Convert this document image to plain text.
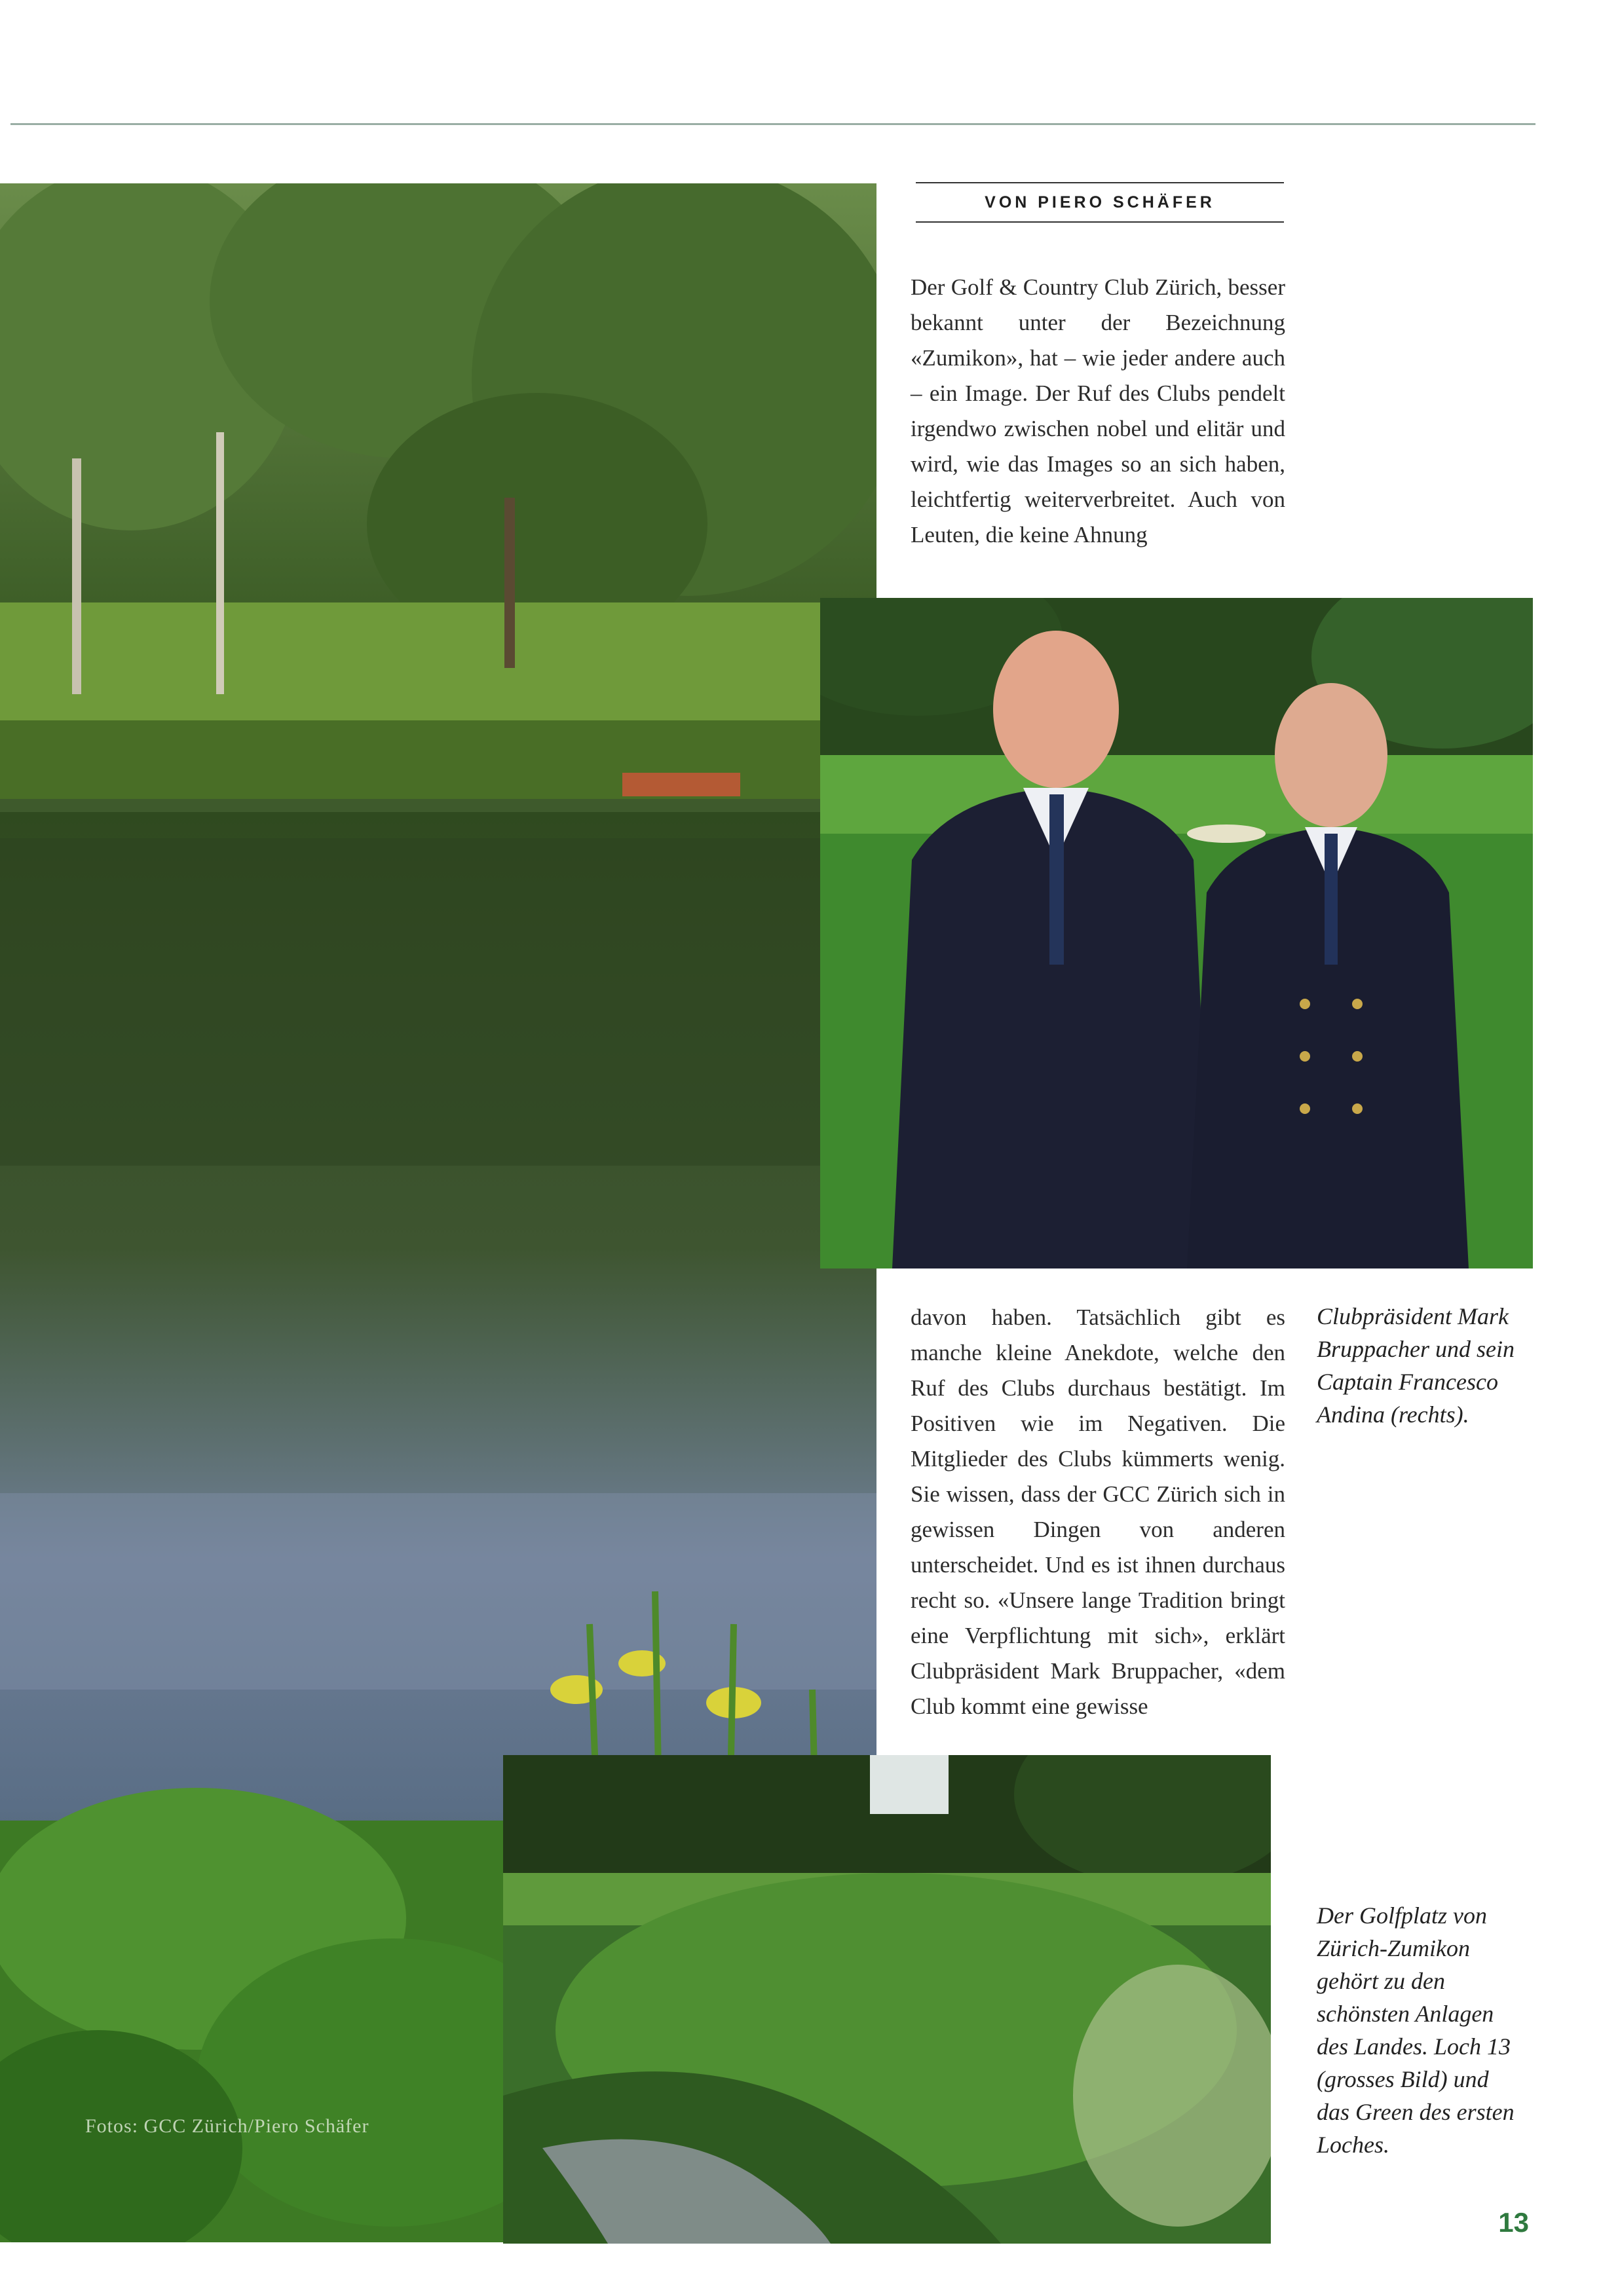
Fotos: GCC Zürich/Piero Schäfer
VON PIERO SCHÄFER

Der Golf & Country Club Zürich, besser bekannt unter der Bezeichnung «Zumikon», hat – wie jeder andere auch – ein Image. Der Ruf des Clubs pendelt irgendwo zwischen nobel und elitär und wird, wie das Images so an sich haben, leichtfertig weiterverbreitet. Auch von Leuten, die keine Ahnung

davon haben. Tatsächlich gibt es manche kleine Anekdote, welche den Ruf des Clubs durchaus bestätigt. Im Positiven wie im Negativen. Die Mitglieder des Clubs kümmerts wenig. Sie wissen, dass der GCC Zürich sich in gewissen Dingen von anderen unterscheidet. Und es ist ihnen durchaus recht so. «Unsere lange Tradition bringt eine Verpflichtung mit sich», erklärt Clubpräsident Mark Bruppacher, «dem Club kommt eine gewisse

Clubpräsident Mark Bruppacher und sein Captain Francesco Andina (rechts).
Der Golfplatz von Zürich-Zumikon gehört zu den schönsten Anlagen des Landes. Loch 13 (grosses Bild) und das Green des ersten Loches.
13
